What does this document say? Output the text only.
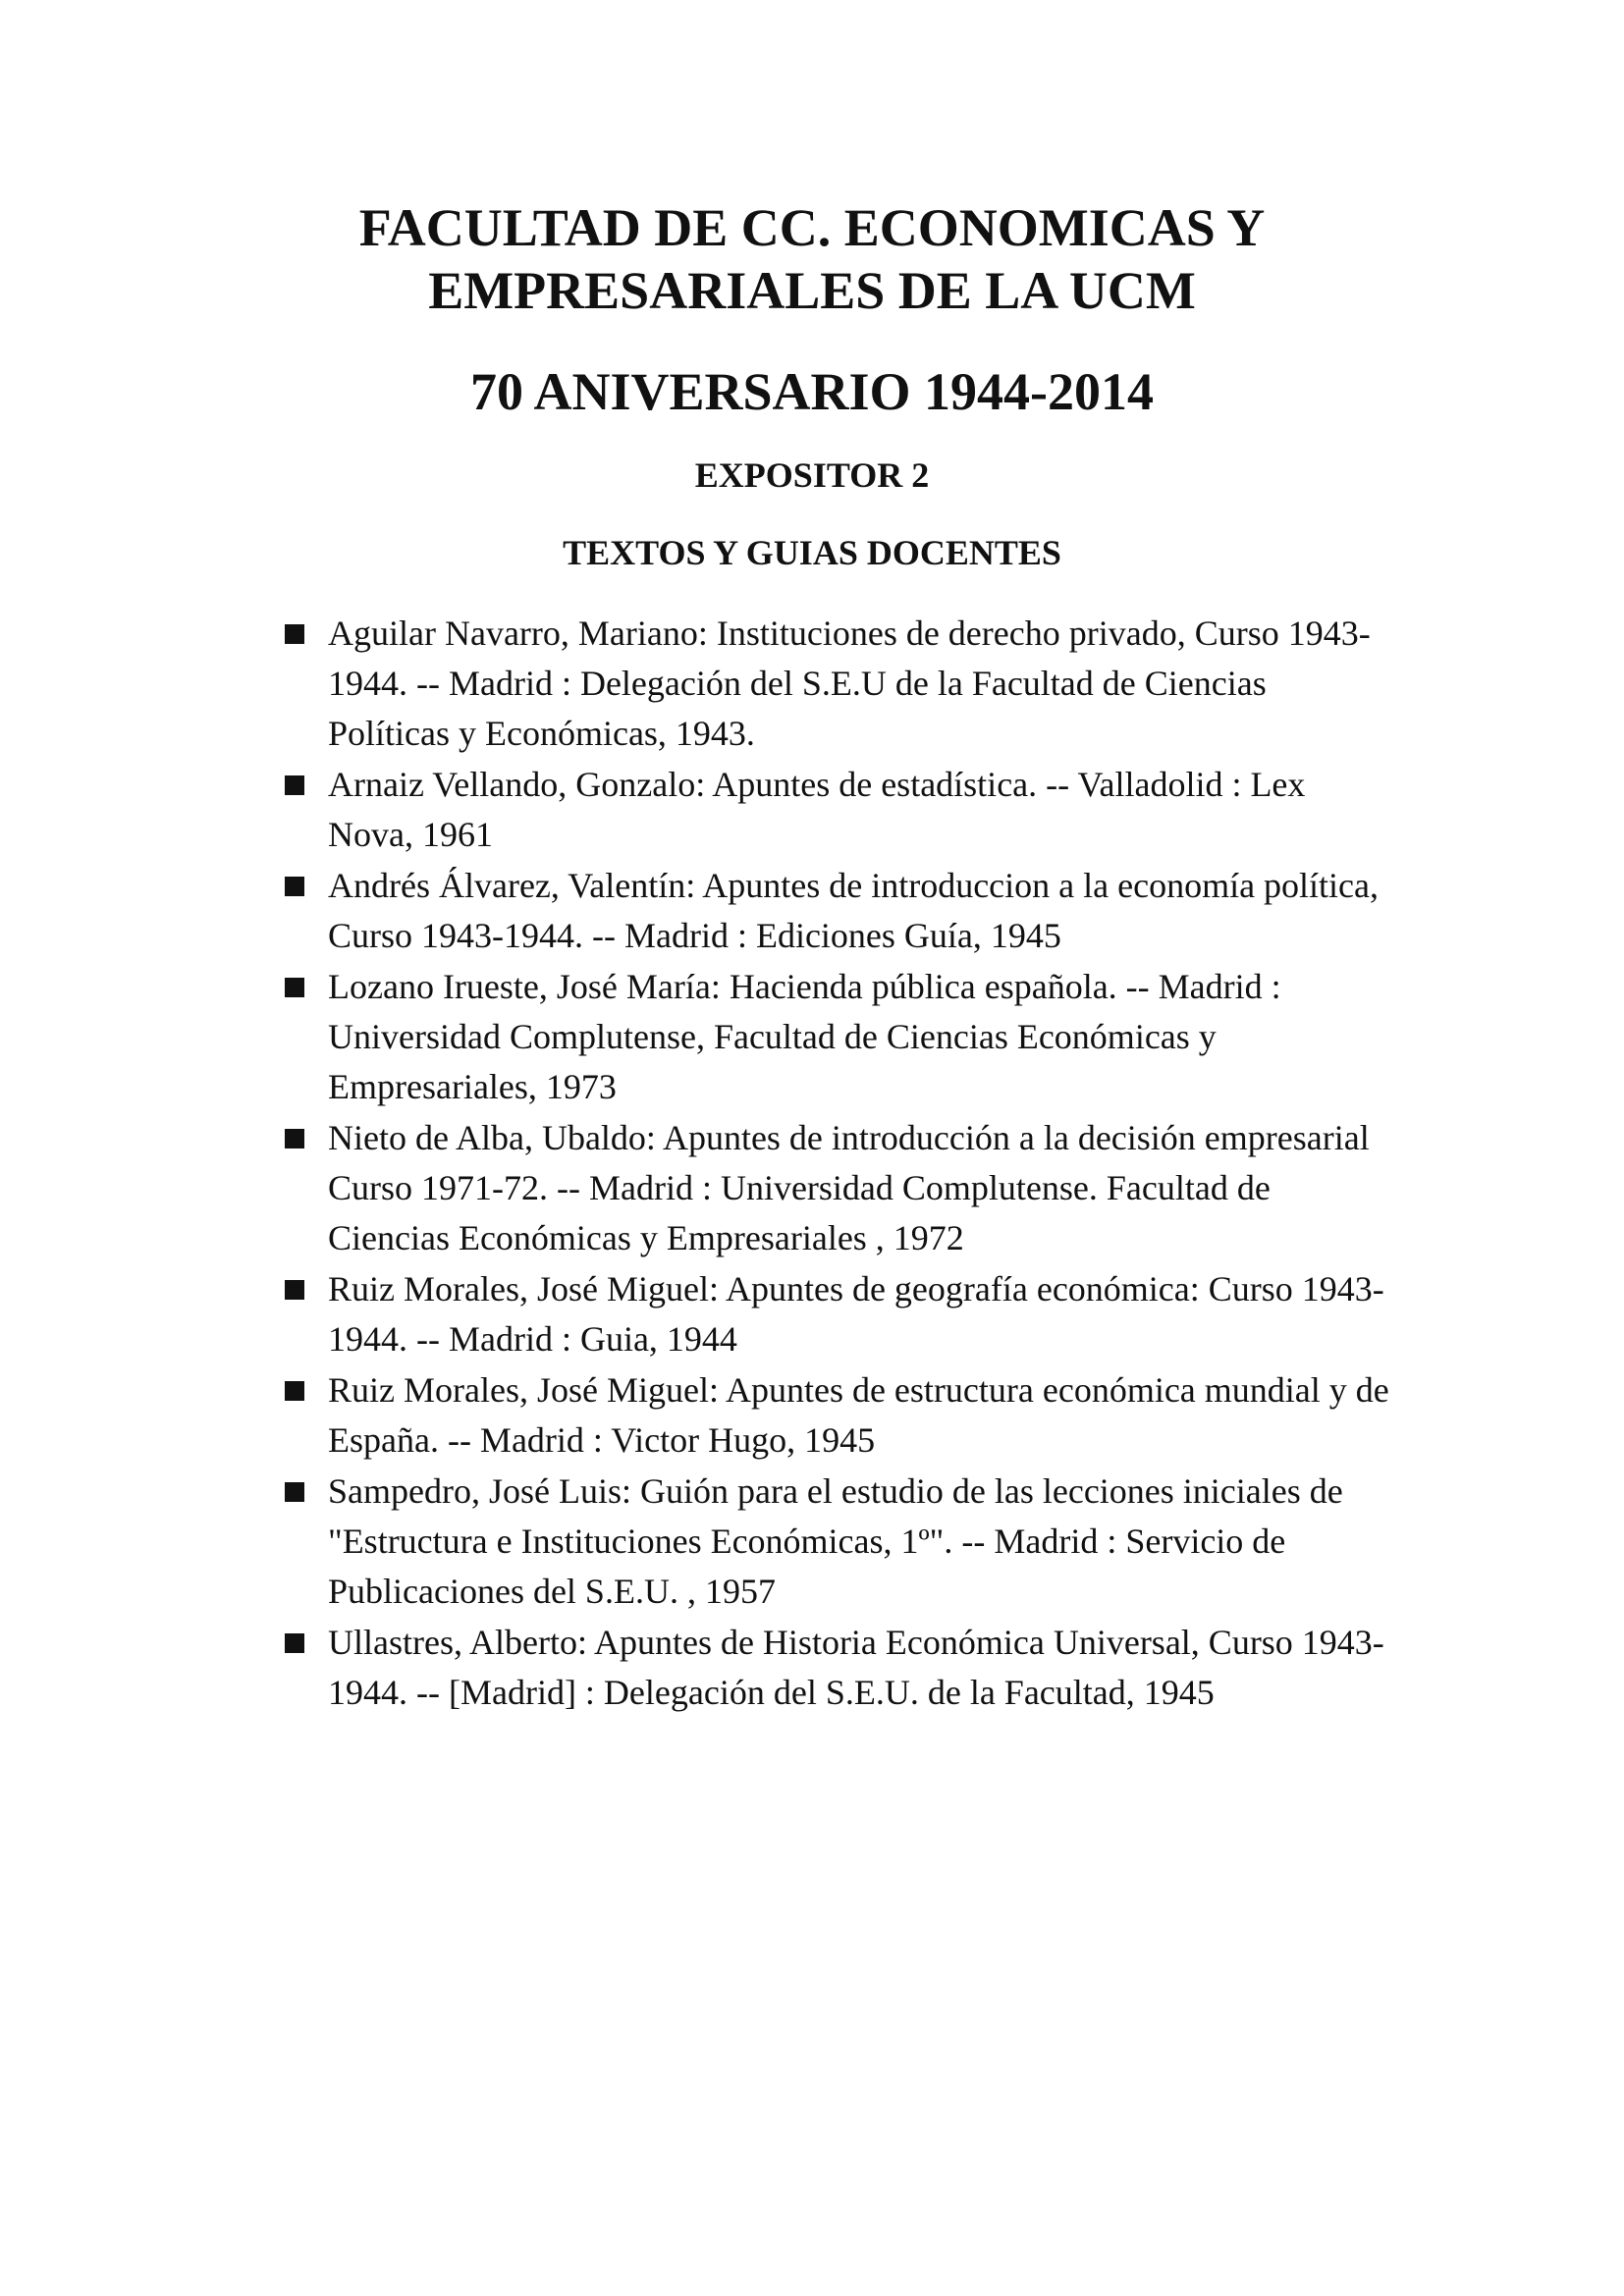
FACULTAD DE CC. ECONOMICAS Y
EMPRESARIALES DE LA UCM
70 ANIVERSARIO 1944-2014
EXPOSITOR 2
TEXTOS Y GUIAS DOCENTES
Aguilar Navarro, Mariano: Instituciones de derecho privado, Curso 1943-1944. -- Madrid : Delegación del S.E.U de la Facultad de Ciencias Políticas y Económicas, 1943.
Arnaiz Vellando, Gonzalo: Apuntes de estadística. -- Valladolid : Lex Nova, 1961
Andrés Álvarez, Valentín: Apuntes de introduccion a la economía política, Curso 1943-1944. -- Madrid : Ediciones Guía, 1945
Lozano Irueste, José María: Hacienda pública española. -- Madrid : Universidad Complutense, Facultad de Ciencias Económicas y Empresariales, 1973
Nieto de Alba, Ubaldo: Apuntes de introducción a la decisión empresarial Curso 1971-72. -- Madrid : Universidad Complutense. Facultad de Ciencias Económicas y Empresariales , 1972
Ruiz Morales, José Miguel: Apuntes de geografía económica: Curso 1943-1944. -- Madrid : Guia, 1944
Ruiz Morales, José Miguel: Apuntes de estructura económica mundial y de España. -- Madrid : Victor Hugo, 1945
Sampedro, José Luis: Guión para el estudio de las lecciones iniciales de "Estructura e Instituciones Económicas, 1º". -- Madrid : Servicio de Publicaciones del S.E.U. , 1957
Ullastres, Alberto: Apuntes de Historia Económica Universal, Curso 1943-1944. -- [Madrid] : Delegación del S.E.U. de la Facultad, 1945
